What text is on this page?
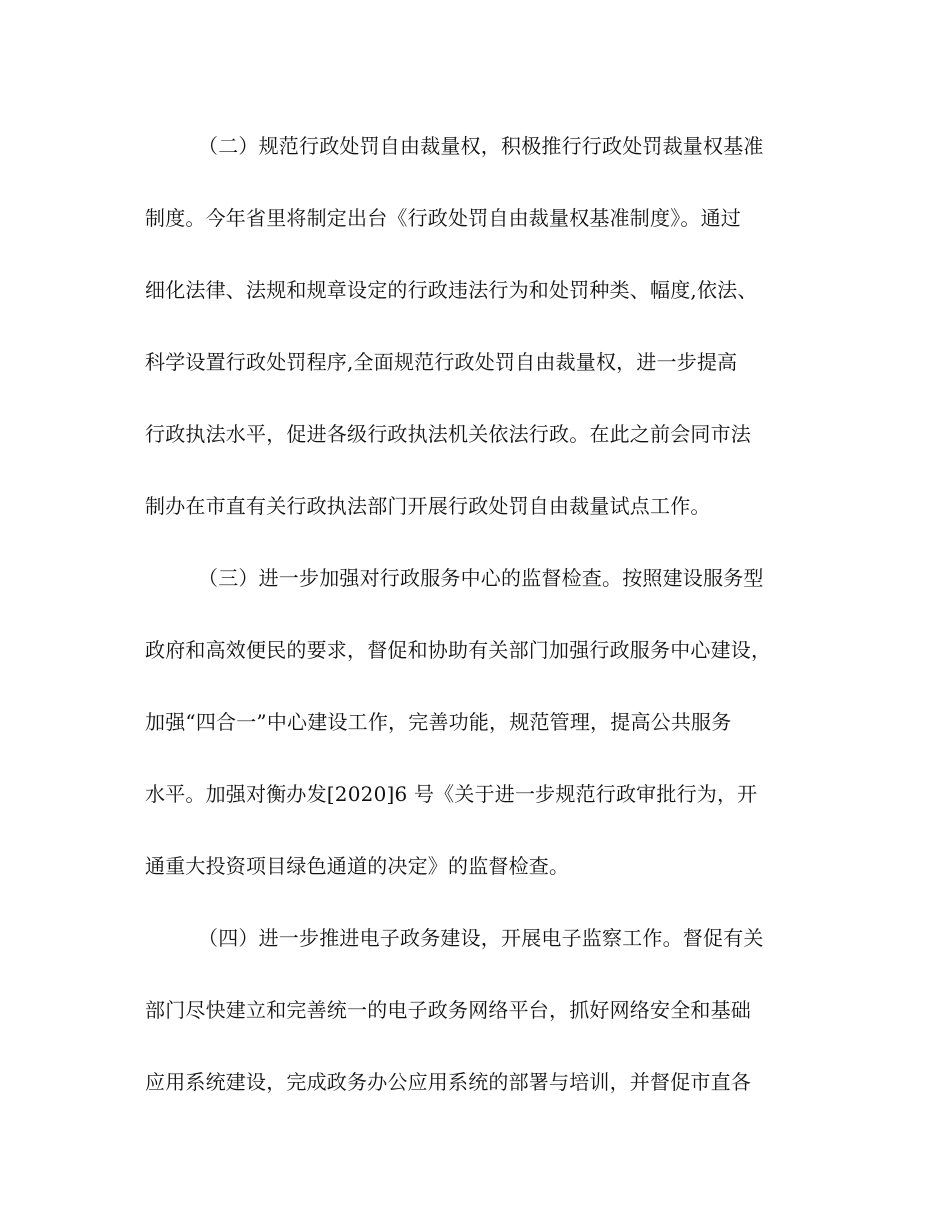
（二）规范行政处罚自由裁量权，积极推行行政处罚裁量权基准
制度。今年省里将制定出台《行政处罚自由裁量权基准制度》。通过
细化法律、法规和规章设定的行政违法行为和处罚种类、幅度,依法、
科学设置行政处罚程序,全面规范行政处罚自由裁量权，进一步提高
行政执法水平，促进各级行政执法机关依法行政。在此之前会同市法
制办在市直有关行政执法部门开展行政处罚自由裁量试点工作。
（三）进一步加强对行政服务中心的监督检查。按照建设服务型
政府和高效便民的要求，督促和协助有关部门加强行政服务中心建设，
加强“四合一”中心建设工作，完善功能，规范管理，提高公共服务
水平。加强对衡办发[2020]6 号《关于进一步规范行政审批行为，开
通重大投资项目绿色通道的决定》的监督检查。
（四）进一步推进电子政务建设，开展电子监察工作。督促有关
部门尽快建立和完善统一的电子政务网络平台，抓好网络安全和基础
应用系统建设，完成政务办公应用系统的部署与培训，并督促市直各
